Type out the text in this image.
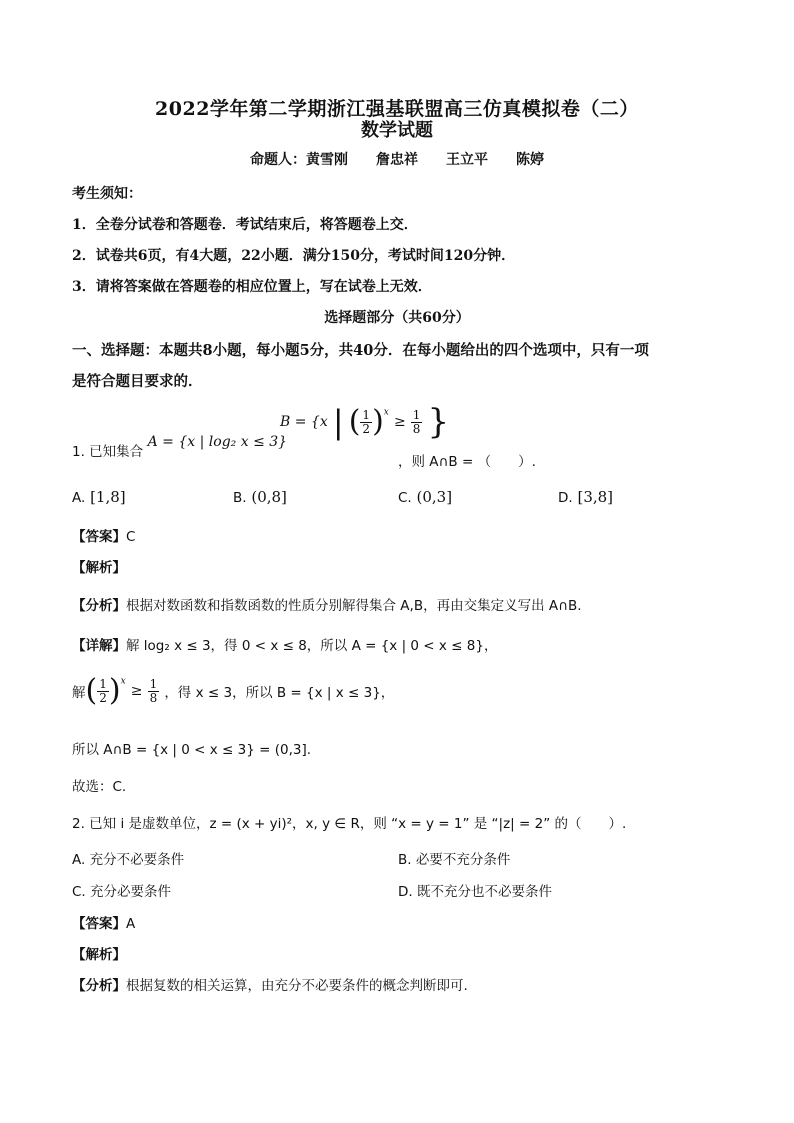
2022学年第二学期浙江强基联盟高三仿真模拟卷（二）
数学试题
命题人：黄雪刚　　詹忠祥　　王立平　　陈婷
考生须知：
1．全卷分试卷和答题卷．考试结束后，将答题卷上交．
2．试卷共6页，有4大题，22小题．满分150分，考试时间120分钟．
3．请将答案做在答题卷的相应位置上，写在试卷上无效．
选择题部分（共60分）
一、选择题：本题共8小题，每小题5分，共40分．在每小题给出的四个选项中，只有一项
是符合题目要求的．
1. 已知集合 A = {x | log₂ x ≤ 3}
B = {x | ( $\frac{1}{2} )^x \ge \frac{1}{8}$ }
，则 A∩B = （　　）.
A. [1,8]	B. (0,8]	C. (0,3]	D. [3,8]
【答案】C
【解析】
【分析】根据对数函数和指数函数的性质分别解得集合 A,B，再由交集定义写出 A∩B.
【详解】解 log₂ x ≤ 3，得 0 < x ≤ 8，所以 A = {x | 0 < x ≤ 8}，
解( $\frac{1}{2} )^x \ge \frac{1}{8}$ ，得 x ≤ 3，所以 B = {x | x ≤ 3}，
所以 A∩B = {x | 0 < x ≤ 3} = (0,3].
故选：C.
2. 已知 i 是虚数单位，z = (x + yi)²，x, y ∈ R，则 “x = y = 1” 是 “|z| = 2” 的（　　）.
A. 充分不必要条件	B. 必要不充分条件
C. 充分必要条件	D. 既不充分也不必要条件
【答案】A
【解析】
【分析】根据复数的相关运算，由充分不必要条件的概念判断即可.
